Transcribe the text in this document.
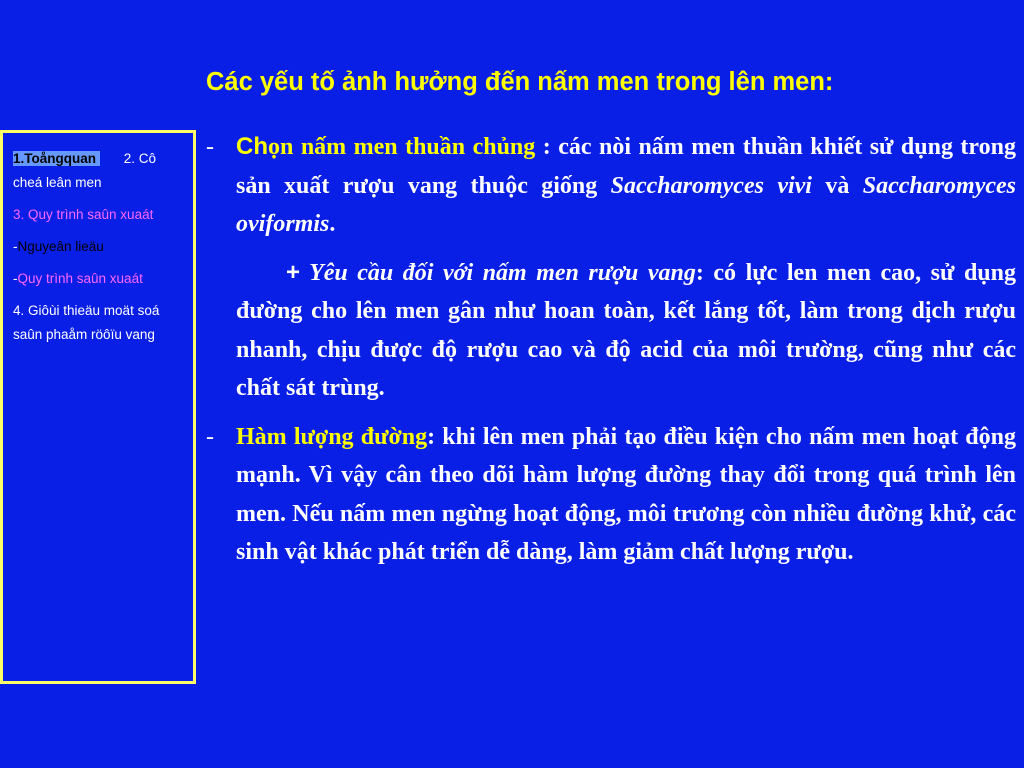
Các yếu tố ảnh hưởng đến nấm men trong lên men:

1.Toångquan 2. Cô cheá leân men

3. Quy trình saûn xuaát

-Nguyeân lieäu

-Quy trình saûn xuaát

4. Giôùi thieäu moät soá saûn phaåm röôïu vang

- Chọn nấm men thuần chủng : các nòi nấm men thuần khiết sử dụng trong sản xuất rượu vang thuộc giống Saccharomyces vivi và Saccharomyces oviformis.
+ Yêu cầu đối với nấm men rượu vang: có lực len men cao, sử dụng đường cho lên men gân như hoan toàn, kết lắng tốt, làm trong dịch rượu nhanh, chịu được độ rượu cao và độ acid của môi trường, cũng như các chất sát trùng.
- Hàm lượng đường: khi lên men phải tạo điều kiện cho nấm men hoạt động mạnh. Vì vậy cân theo dõi hàm lượng đường thay đổi trong quá trình lên men. Nếu nấm men ngừng hoạt động, môi trương còn nhiều đường khử, các sinh vật khác phát triển dễ dàng, làm giảm chất lượng rượu.
